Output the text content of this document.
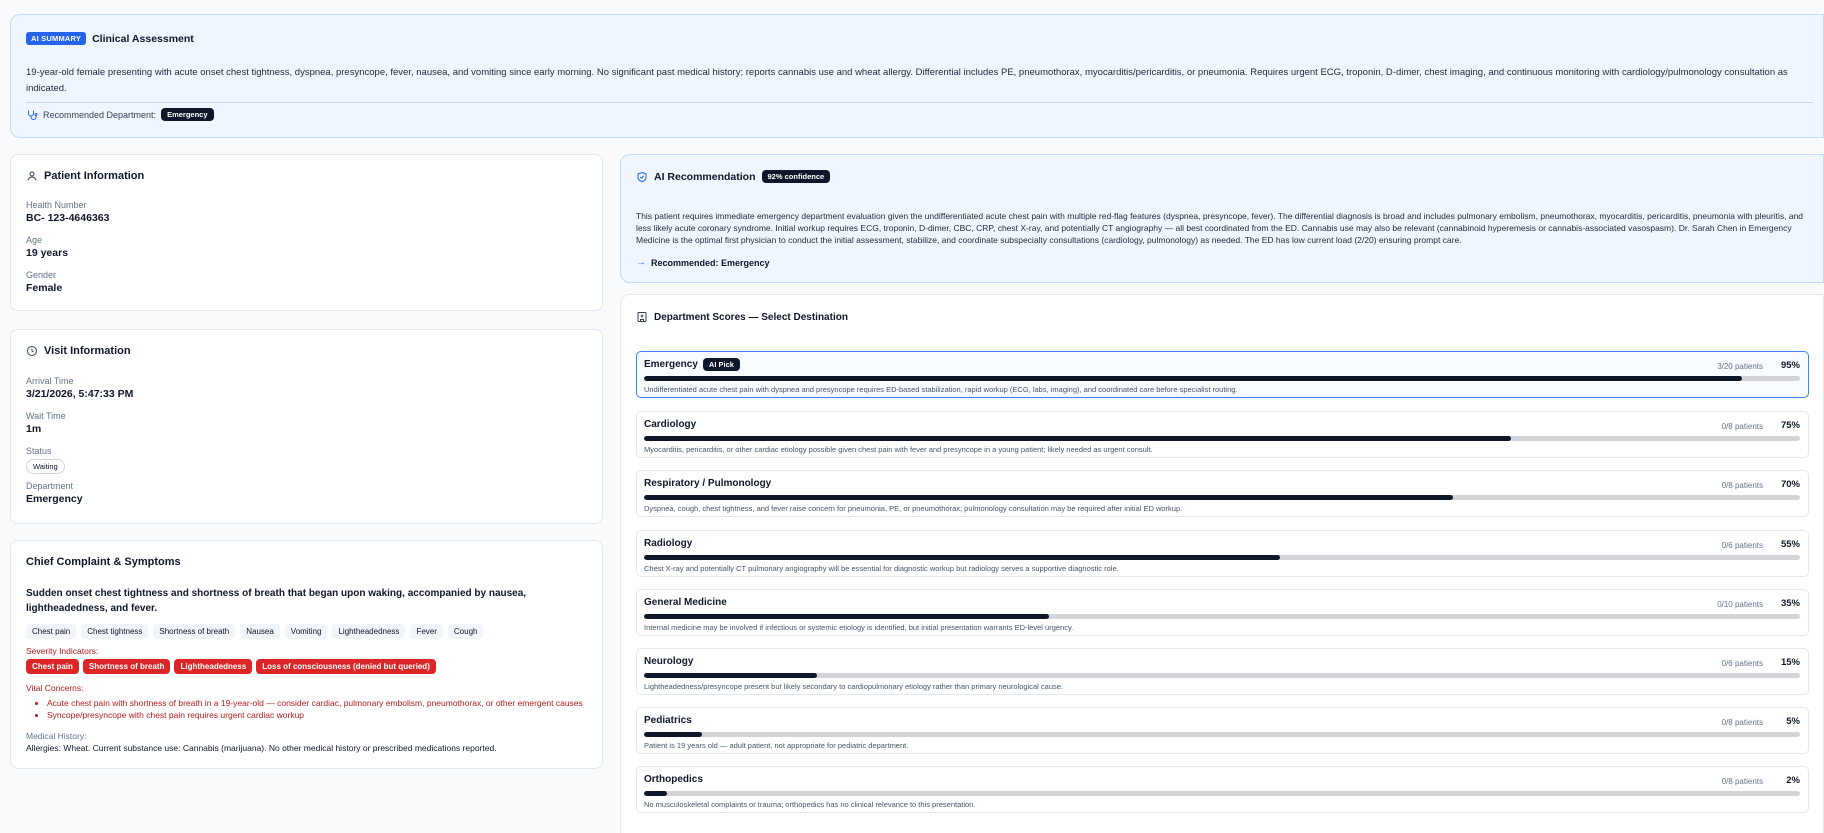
AI SUMMARY	Clinical Assessment
19-year-old female presenting with acute onset chest tightness, dyspnea, presyncope, fever, nausea, and vomiting since early morning. No significant past medical history; reports cannabis use and wheat allergy. Differential includes PE, pneumothorax, myocarditis/pericarditis, or pneumonia. Requires urgent ECG, troponin, D-dimer, chest imaging, and continuous monitoring with cardiology/pulmonology consultation as indicated.
Recommended Department:	Emergency
Patient Information
Health Number
BC- 123-4646363
Age
19 years
Gender
Female
Visit Information
Arrival Time
3/21/2026, 5:47:33 PM
Wait Time
1m
Status
Waiting
Department
Emergency
Chief Complaint & Symptoms
Sudden onset chest tightness and shortness of breath that began upon waking, accompanied by nausea, lightheadedness, and fever.
Chest pain Chest tightness Shortness of breath Nausea Vomiting Lightheadedness Fever Cough
Severity Indicators:
Chest pain Shortness of breath Lightheadedness Loss of consciousness (denied but queried)
Vital Concerns:
• Acute chest pain with shortness of breath in a 19-year-old — consider cardiac, pulmonary embolism, pneumothorax, or other emergent causes
• Syncope/presyncope with chest pain requires urgent cardiac workup
Medical History:
Allergies: Wheat. Current substance use: Cannabis (marijuana). No other medical history or prescribed medications reported.
AI Recommendation	92% confidence
This patient requires immediate emergency department evaluation given the undifferentiated acute chest pain with multiple red-flag features (dyspnea, presyncope, fever). The differential diagnosis is broad and includes pulmonary embolism, pneumothorax, myocarditis, pericarditis, pneumonia with pleuritis, and less likely acute coronary syndrome. Initial workup requires ECG, troponin, D-dimer, CBC, CRP, chest X-ray, and potentially CT angiography — all best coordinated from the ED. Cannabis use may also be relevant (cannabinoid hyperemesis or cannabis-associated vasospasm). Dr. Sarah Chen in Emergency Medicine is the optimal first physician to conduct the initial assessment, stabilize, and coordinate subspecialty consultations (cardiology, pulmonology) as needed. The ED has low current load (2/20) ensuring prompt care.
→ Recommended: Emergency
Department Scores — Select Destination
Emergency	AI Pick	3/20 patients 95%
Undifferentiated acute chest pain with dyspnea and presyncope requires ED-based stabilization, rapid workup (ECG, labs, imaging), and coordinated care before specialist routing.
Cardiology	0/8 patients 75%
Myocarditis, pericarditis, or other cardiac etiology possible given chest pain with fever and presyncope in a young patient; likely needed as urgent consult.
Respiratory / Pulmonology	0/8 patients 70%
Dyspnea, cough, chest tightness, and fever raise concern for pneumonia, PE, or pneumothorax; pulmonology consultation may be required after initial ED workup.
Radiology	0/6 patients 55%
Chest X-ray and potentially CT pulmonary angiography will be essential for diagnostic workup but radiology serves a supportive diagnostic role.
General Medicine	0/10 patients 35%
Internal medicine may be involved if infectious or systemic etiology is identified, but initial presentation warrants ED-level urgency.
Neurology	0/6 patients 15%
Lightheadedness/presyncope present but likely secondary to cardiopulmonary etiology rather than primary neurological cause.
Pediatrics	0/8 patients 5%
Patient is 19 years old — adult patient, not appropriate for pediatric department.
Orthopedics	0/8 patients 2%
No musculoskeletal complaints or trauma; orthopedics has no clinical relevance to this presentation.
